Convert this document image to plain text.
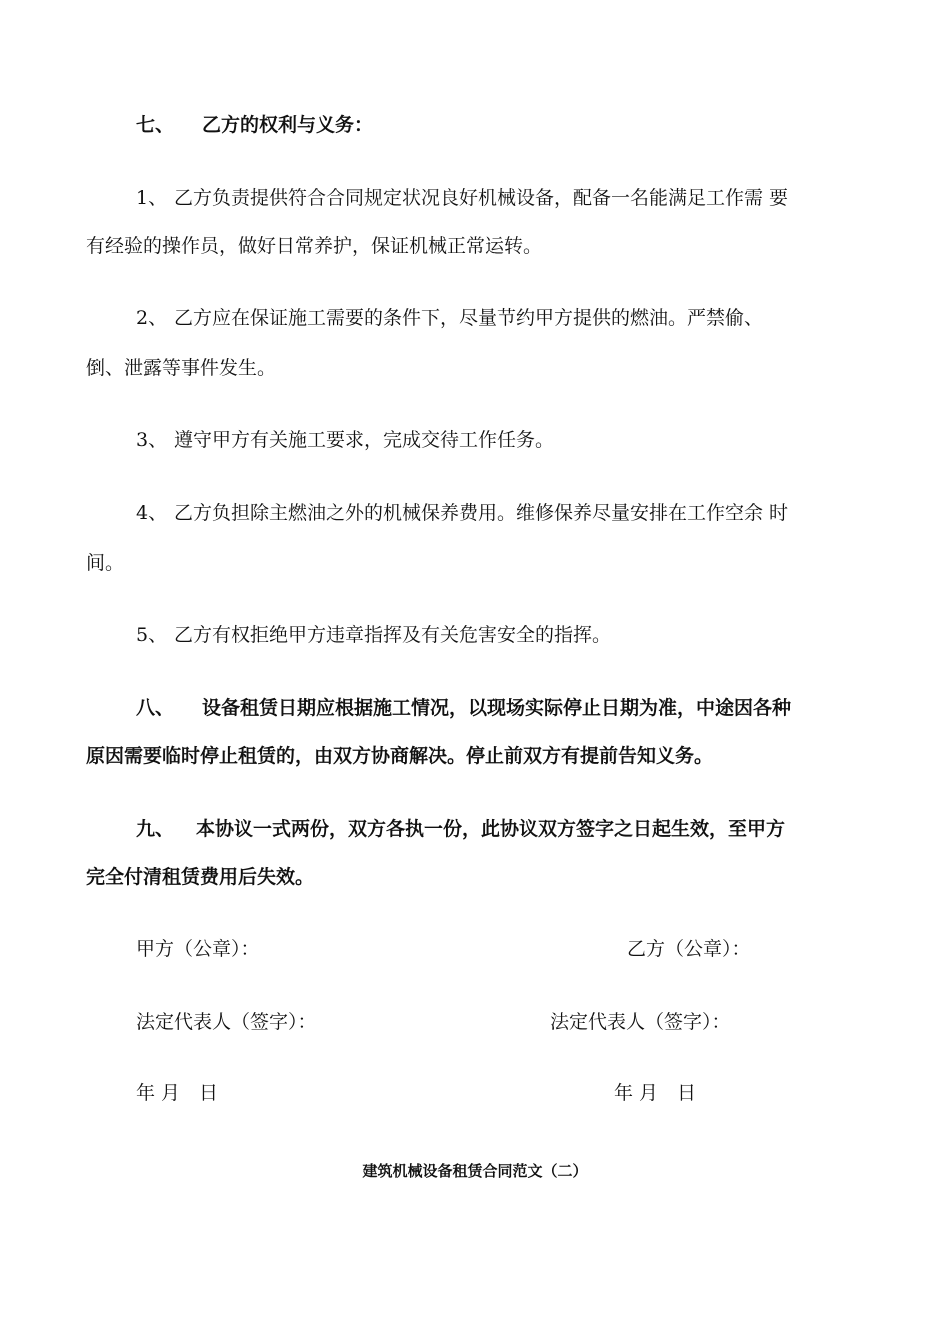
七、 乙方的权利与义务：
1、 乙方负责提供符合合同规定状况良好机械设备，配备一名能满足工作需 要
有经验的操作员，做好日常养护，保证机械正常运转。
2、 乙方应在保证施工需要的条件下，尽量节约甲方提供的燃油。严禁偷、
倒、泄露等事件发生。
3、 遵守甲方有关施工要求，完成交待工作任务。
4、 乙方负担除主燃油之外的机械保养费用。维修保养尽量安排在工作空余 时
间。
5、 乙方有权拒绝甲方违章指挥及有关危害安全的指挥。
八、 设备租赁日期应根据施工情况，以现场实际停止日期为准，中途因各种
原因需要临时停止租赁的，由双方协商解决。停止前双方有提前告知义务。
九、 本协议一式两份，双方各执一份，此协议双方签字之日起生效，至甲方
完全付清租赁费用后失效。
甲方（公章）：	乙方（公章）：
法定代表人（签字）：	法定代表人（签字）：
年 月　日	年 月　日
建筑机械设备租赁合同范文（二）
